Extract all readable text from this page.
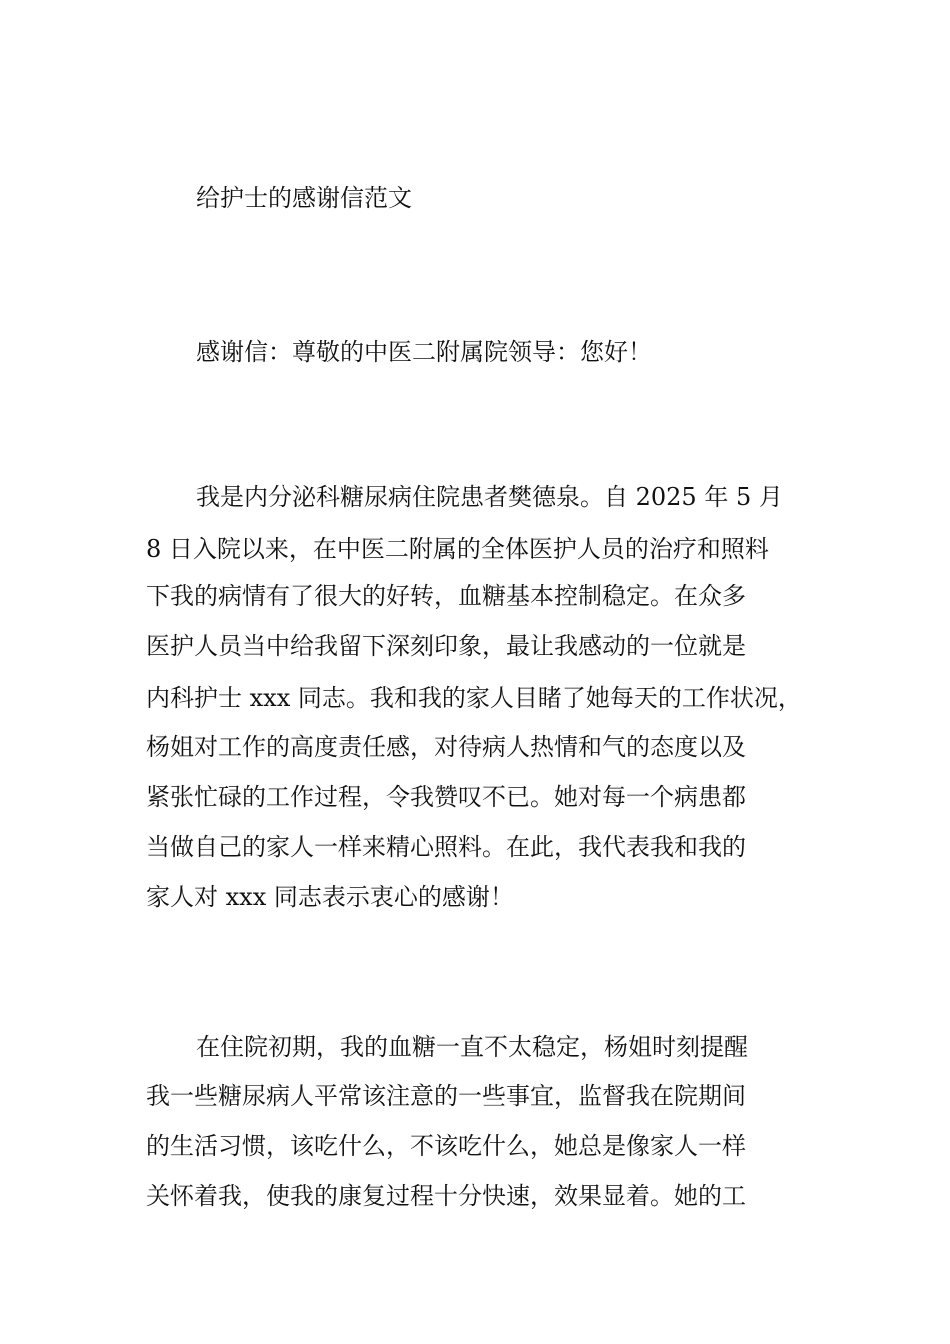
给护士的感谢信范文
感谢信：尊敬的中医二附属院领导：您好！
我是内分泌科糖尿病住院患者樊德泉。自 2025 年 5 月
8 日入院以来，在中医二附属的全体医护人员的治疗和照料
下我的病情有了很大的好转，血糖基本控制稳定。在众多
医护人员当中给我留下深刻印象，最让我感动的一位就是
内科护士 xxx 同志。我和我的家人目睹了她每天的工作状况，
杨姐对工作的高度责任感，对待病人热情和气的态度以及
紧张忙碌的工作过程，令我赞叹不已。她对每一个病患都
当做自己的家人一样来精心照料。在此，我代表我和我的
家人对 xxx 同志表示衷心的感谢！
在住院初期，我的血糖一直不太稳定，杨姐时刻提醒
我一些糖尿病人平常该注意的一些事宜，监督我在院期间
的生活习惯，该吃什么，不该吃什么，她总是像家人一样
关怀着我，使我的康复过程十分快速，效果显着。她的工
